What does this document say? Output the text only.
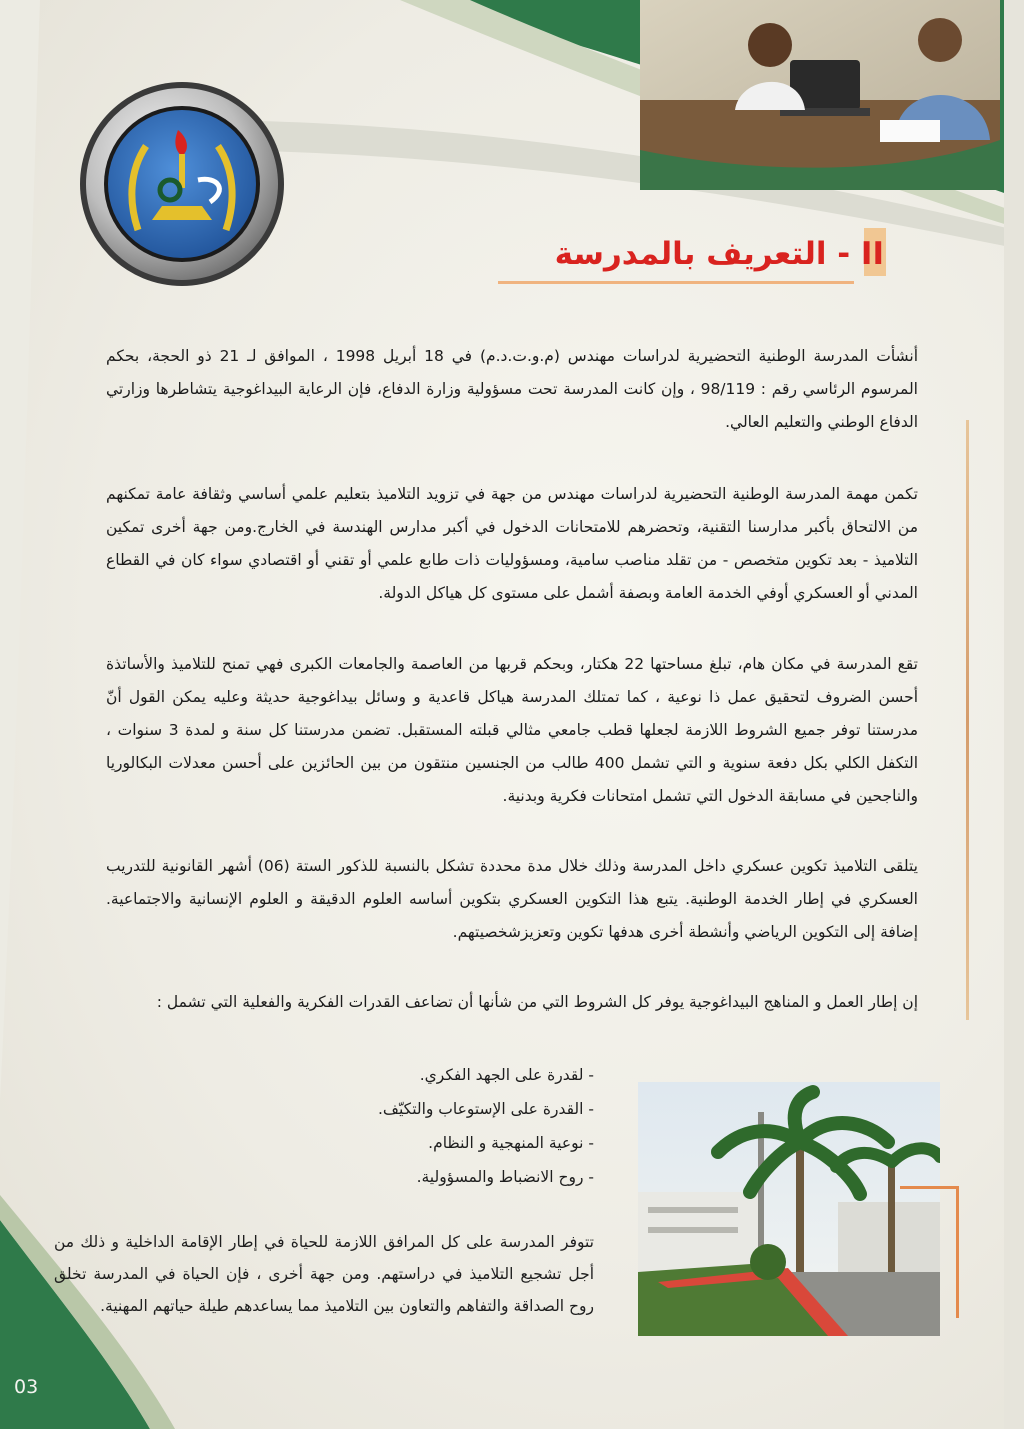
II - التعريف بالمدرسة

أنشأت المدرسة الوطنية التحضيرية لدراسات مهندس (م.و.ت.د.م) في 18 أبريل 1998 ، الموافق لـ 21 ذو الحجة، بحكم المرسوم الرئاسي رقم : 98/119 ، وإن كانت المدرسة تحت مسؤولية وزارة الدفاع، فإن الرعاية البيداغوجية يتشاطرها وزارتي الدفاع الوطني والتعليم العالي.

تكمن مهمة المدرسة الوطنية التحضيرية لدراسات مهندس من جهة في تزويد التلاميذ بتعليم علمي أساسي وثقافة عامة تمكنهم من الالتحاق بأكبر مدارسنا التقنية، وتحضرهم للامتحانات الدخول في أكبر مدارس الهندسة في الخارج.ومن جهة أخرى تمكين التلاميذ - بعد تكوين متخصص - من تقلد مناصب سامية، ومسؤوليات ذات طابع علمي أو تقني أو اقتصادي سواء كان في القطاع المدني أو العسكري أوفي الخدمة العامة وبصفة أشمل على مستوى كل هياكل الدولة.

تقع المدرسة في مكان هام، تبلغ مساحتها 22 هكتار، وبحكم قربها من العاصمة والجامعات الكبرى فهي تمنح للتلاميذ والأساتذة أحسن الضروف لتحقيق عمل ذا نوعية ، كما تمتلك المدرسة هياكل قاعدية و وسائل بيداغوجية حديثة وعليه يمكن القول أنّ مدرستنا توفر جميع الشروط اللازمة لجعلها قطب جامعي مثالي قبلته المستقبل. تضمن مدرستنا كل سنة و لمدة 3 سنوات ، التكفل الكلي بكل دفعة سنوية و التي تشمل 400 طالب من الجنسين منتقون من بين الحائزين على أحسن معدلات البكالوريا والناجحين في مسابقة الدخول التي تشمل امتحانات فكرية وبدنية.

يتلقى التلاميذ تكوين عسكري داخل المدرسة وذلك خلال مدة محددة تشكل بالنسبة للذكور الستة (06) أشهر القانونية للتدريب العسكري في إطار الخدمة الوطنية. يتبع هذا التكوين العسكري بتكوين أساسه العلوم الدقيقة و العلوم الإنسانية والاجتماعية. إضافة إلى التكوين الرياضي وأنشطة أخرى هدفها تكوين وتعزيزشخصيتهم.

إن إطار العمل و المناهج البيداغوجية يوفر كل الشروط التي من شأنها أن تضاعف القدرات الفكرية والفعلية التي تشمل :

- لقدرة على الجهد الفكري.
- القدرة على الإستوعاب والتكيّف.
- نوعية المنهجية و النظام.
- روح الانضباط والمسؤولية.

تتوفر المدرسة على كل المرافق اللازمة للحياة في إطار الإقامة الداخلية و ذلك من أجل تشجيع التلاميذ في دراستهم. ومن جهة أخرى ، فإن الحياة في المدرسة تخلق روح الصداقة والتفاهم والتعاون بين التلاميذ مما يساعدهم طيلة حياتهم المهنية.

03
